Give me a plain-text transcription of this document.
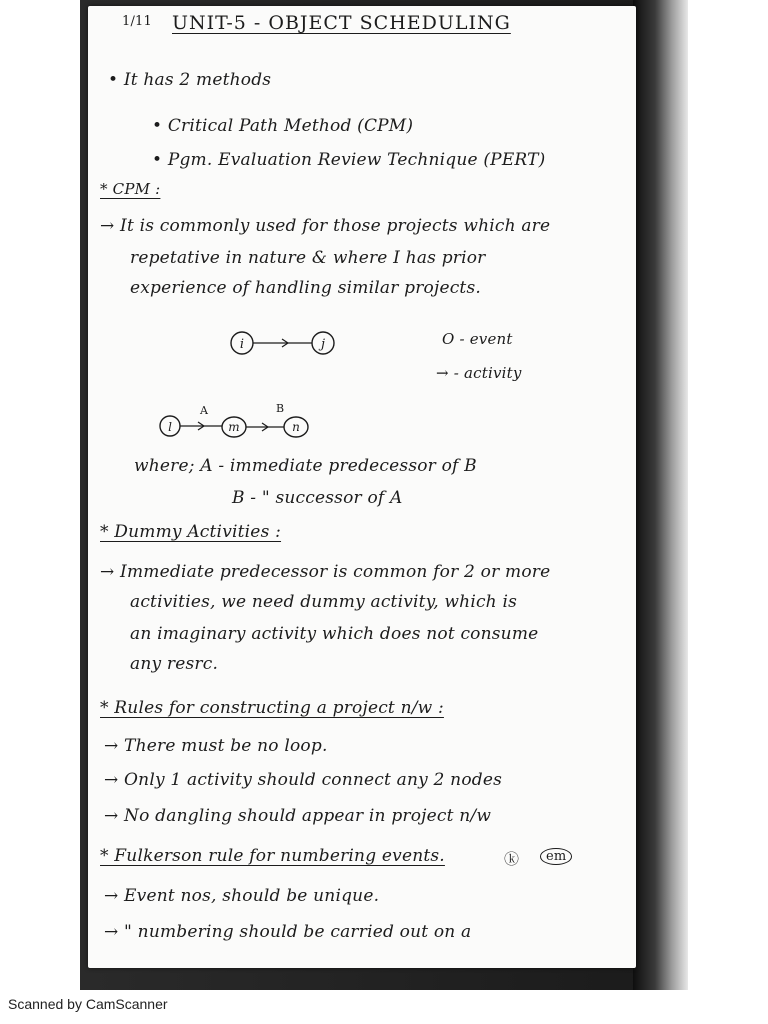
1/11 UNIT-5 - OBJECT SCHEDULING
• It has 2 methods
• Critical Path Method (CPM)
• Pgm. Evaluation Review Technique (PERT)
* CPM :
→ It is commonly used for those projects which are
repetative in nature & where I has prior
experience of handling similar projects.
i	j	O - event
→ - activity
l	m	n
A	B
where; A - immediate predecessor of B
B - " successor of A
* Dummy Activities :
→ Immediate predecessor is common for 2 or more
activities, we need dummy activity, which is
an imaginary activity which does not consume
any resrc.
* Rules for constructing a project n/w :
→ There must be no loop.
→ Only 1 activity should connect any 2 nodes
→ No dangling should appear in project n/w
* Fulkerson rule for numbering events.	ⓚ	em
→ Event nos, should be unique.
→ " numbering should be carried out on a
Scanned by CamScanner
